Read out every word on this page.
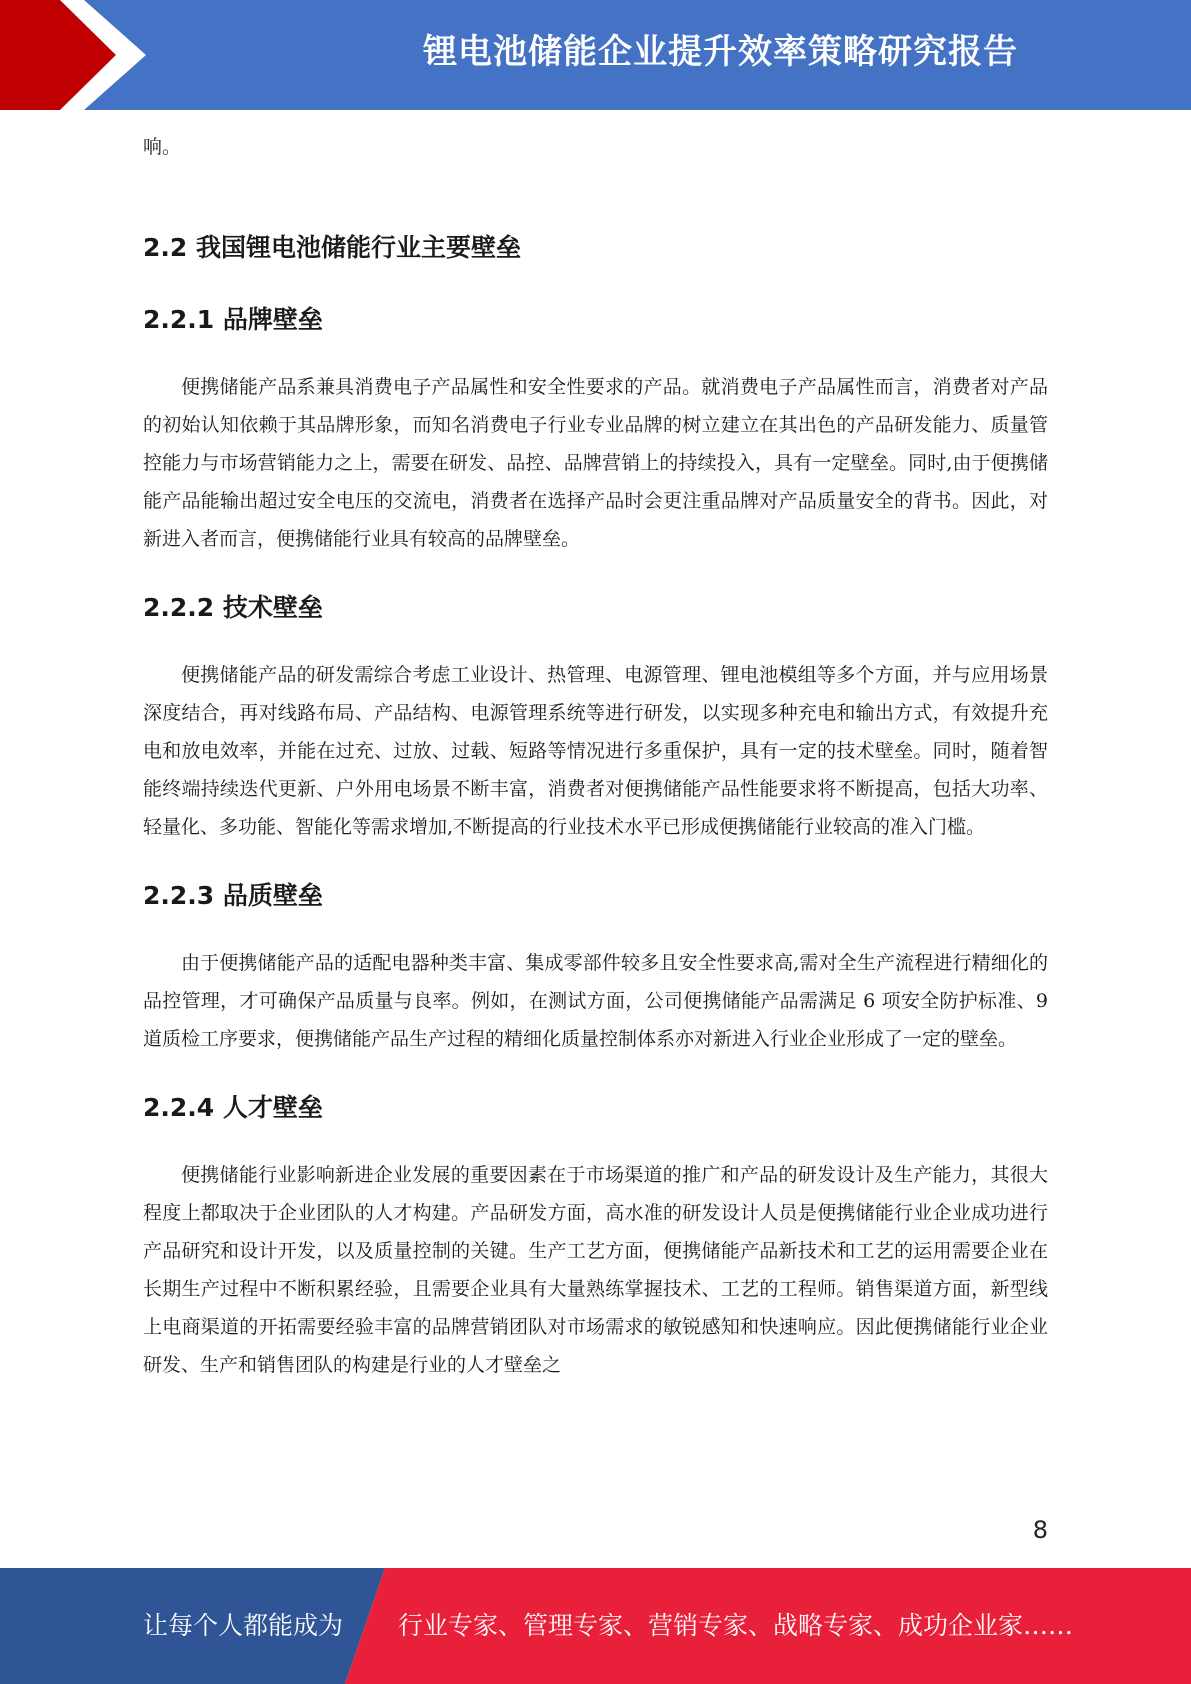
锂电池储能企业提升效率策略研究报告

响。

2.2 我国锂电池储能行业主要壁垒
2.2.1 品牌壁垒

便携储能产品系兼具消费电子产品属性和安全性要求的产品。就消费电子产品属性而言，消费者对产品的初始认知依赖于其品牌形象，而知名消费电子行业专业品牌的树立建立在其出色的产品研发能力、质量管控能力与市场营销能力之上，需要在研发、品控、品牌营销上的持续投入，具有一定壁垒。同时,由于便携储能产品能输出超过安全电压的交流电，消费者在选择产品时会更注重品牌对产品质量安全的背书。因此，对新进入者而言，便携储能行业具有较高的品牌壁垒。

2.2.2 技术壁垒

便携储能产品的研发需综合考虑工业设计、热管理、电源管理、锂电池模组等多个方面，并与应用场景深度结合，再对线路布局、产品结构、电源管理系统等进行研发，以实现多种充电和输出方式，有效提升充电和放电效率，并能在过充、过放、过载、短路等情况进行多重保护，具有一定的技术壁垒。同时，随着智能终端持续迭代更新、户外用电场景不断丰富，消费者对便携储能产品性能要求将不断提高，包括大功率、轻量化、多功能、智能化等需求增加,不断提高的行业技术水平已形成便携储能行业较高的准入门槛。

2.2.3 品质壁垒

由于便携储能产品的适配电器种类丰富、集成零部件较多且安全性要求高,需对全生产流程进行精细化的品控管理，才可确保产品质量与良率。例如，在测试方面，公司便携储能产品需满足 6 项安全防护标准、9 道质检工序要求，便携储能产品生产过程的精细化质量控制体系亦对新进入行业企业形成了一定的壁垒。

2.2.4 人才壁垒

便携储能行业影响新进企业发展的重要因素在于市场渠道的推广和产品的研发设计及生产能力，其很大程度上都取决于企业团队的人才构建。产品研发方面，高水准的研发设计人员是便携储能行业企业成功进行产品研究和设计开发，以及质量控制的关键。生产工艺方面，便携储能产品新技术和工艺的运用需要企业在长期生产过程中不断积累经验，且需要企业具有大量熟练掌握技术、工艺的工程师。销售渠道方面，新型线上电商渠道的开拓需要经验丰富的品牌营销团队对市场需求的敏锐感知和快速响应。因此便携储能行业企业研发、生产和销售团队的构建是行业的人才壁垒之

8
让每个人都能成为 行业专家、管理专家、营销专家、战略专家、成功企业家……
